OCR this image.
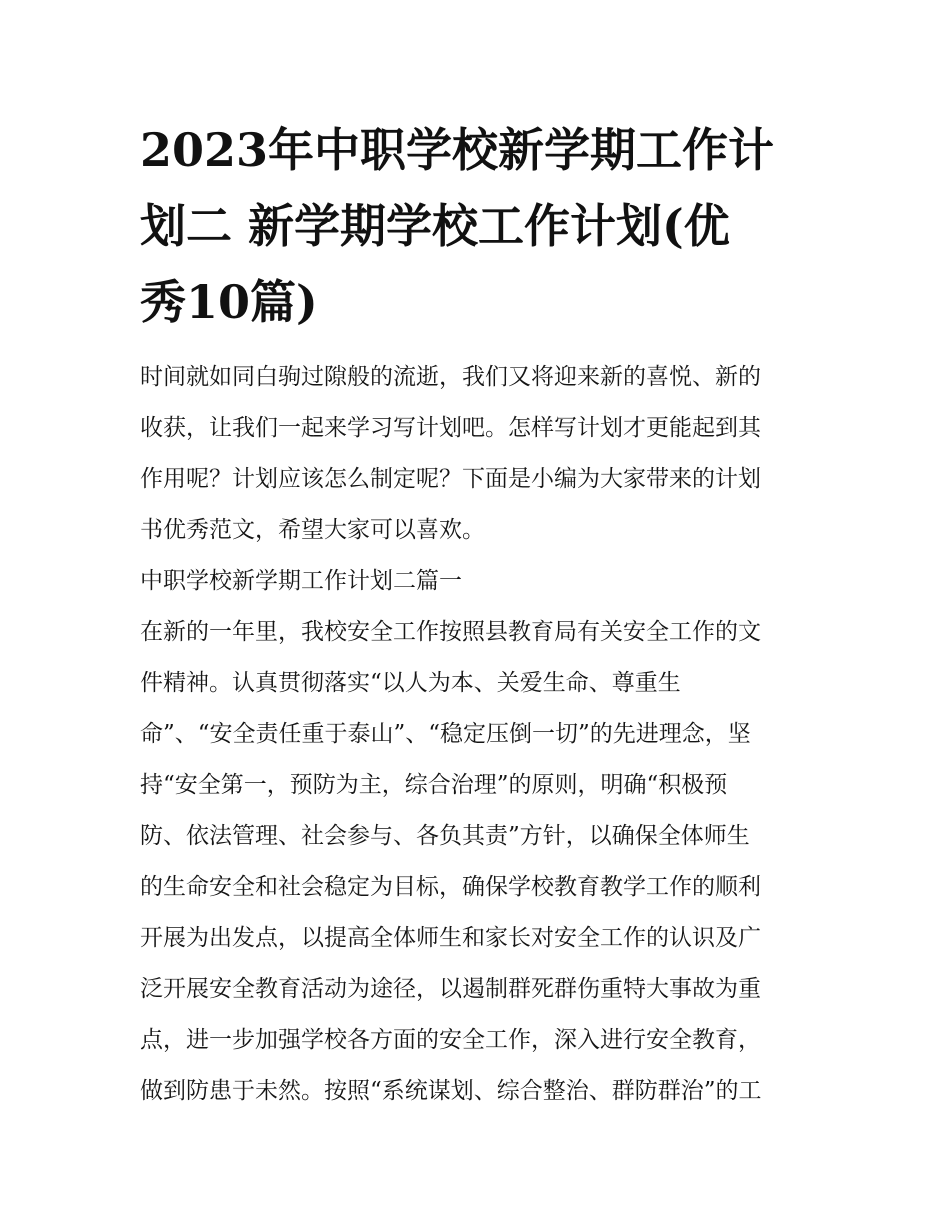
2023年中职学校新学期工作计
划二 新学期学校工作计划(优
秀10篇)
时间就如同白驹过隙般的流逝，我们又将迎来新的喜悦、新的
收获，让我们一起来学习写计划吧。怎样写计划才更能起到其
作用呢？计划应该怎么制定呢？下面是小编为大家带来的计划
书优秀范文，希望大家可以喜欢。
中职学校新学期工作计划二篇一
在新的一年里，我校安全工作按照县教育局有关安全工作的文
件精神。认真贯彻落实“以人为本、关爱生命、尊重生
命”、“安全责任重于泰山”、“稳定压倒一切”的先进理念，坚
持“安全第一，预防为主，综合治理”的原则，明确“积极预
防、依法管理、社会参与、各负其责”方针，以确保全体师生
的生命安全和社会稳定为目标，确保学校教育教学工作的顺利
开展为出发点，以提高全体师生和家长对安全工作的认识及广
泛开展安全教育活动为途径，以遏制群死群伤重特大事故为重
点，进一步加强学校各方面的安全工作，深入进行安全教育，
做到防患于未然。按照“系统谋划、综合整治、群防群治”的工
